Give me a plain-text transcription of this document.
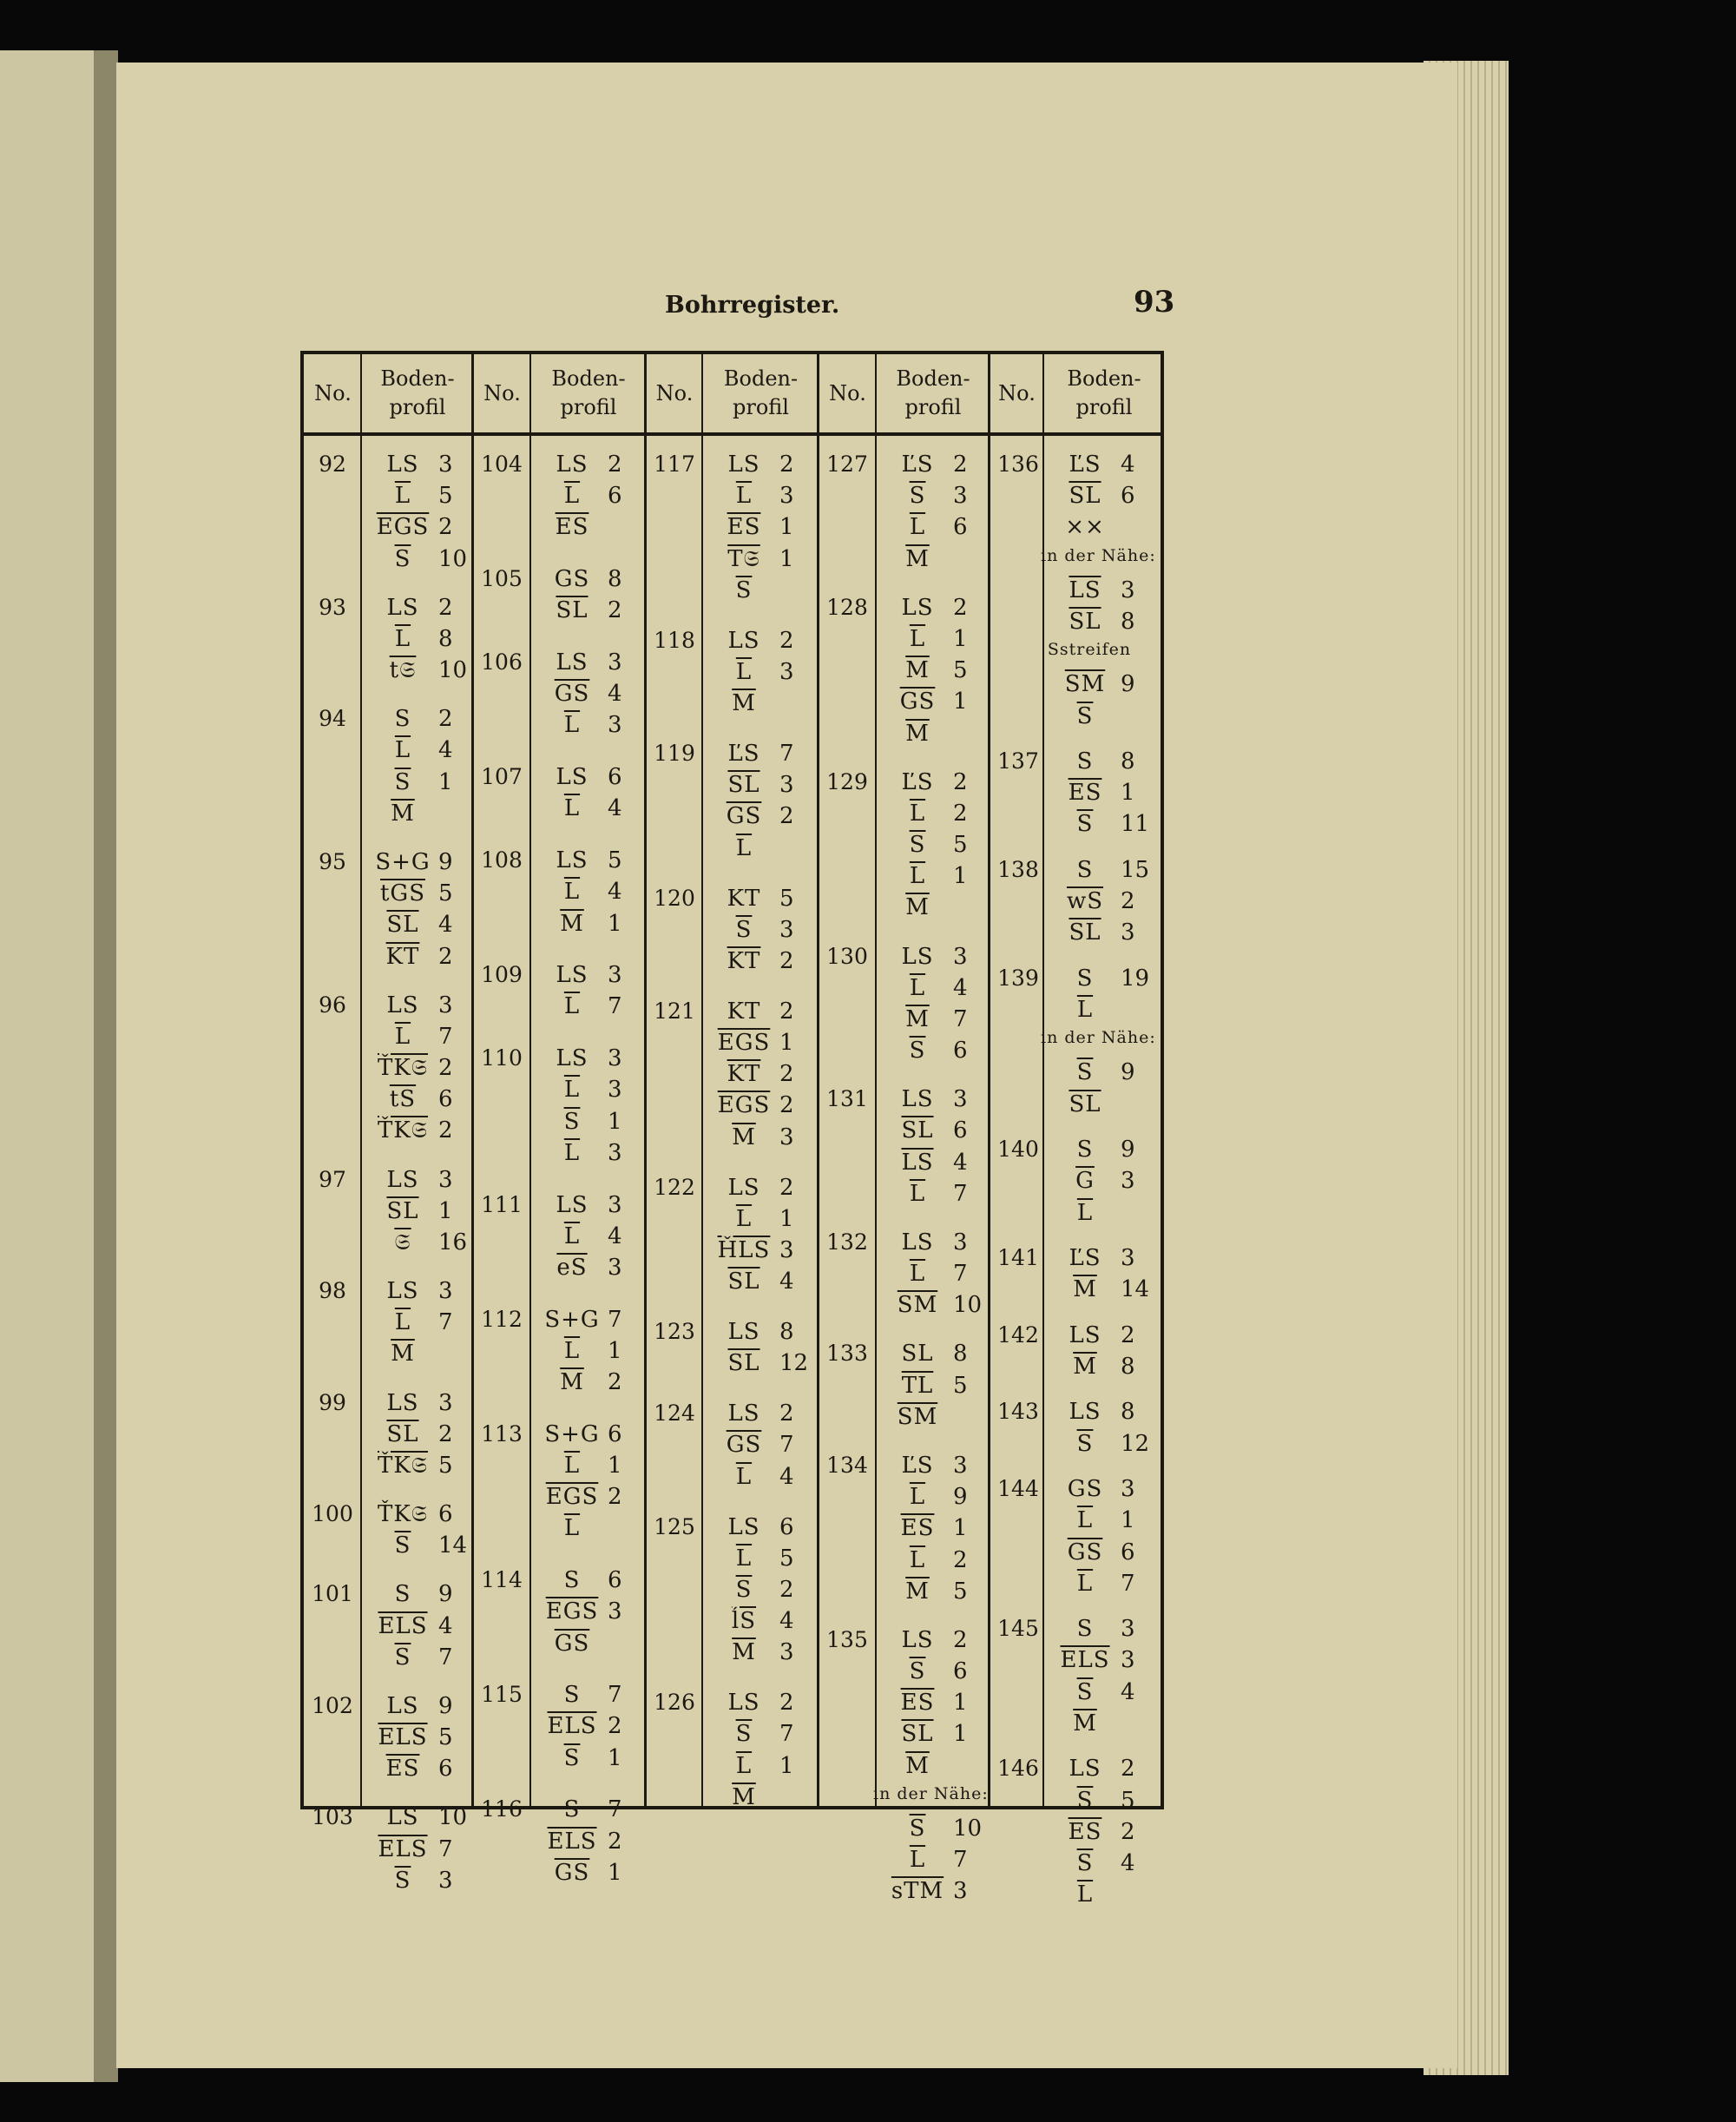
Bohrregister.	93
No.
Boden-
profil
No.
Boden-
profil
No.
Boden-
profil
No.
Boden-
profil
No.
Boden-
profil
92	LS 3
$\overline{L}$	5
$\overline{EGS}$ 2
$\overline{S}$	10
93	LS 2
$\overline{L}$	8
t𝔖 10
94	S	2
$\overline{L}$	4
$\overline{S}$	1
$\overline{M}$
95	S+G 9
$\overline{tGS}$ 5
$\overline{SL}$ 4
$\overline{KT}$ 2
96	LS 3
$\overline{L}$	7
ŤK𝔖 2
$\overline{tS}$ 6
ŤK𝔖 2
97	LS 3
$\overline{SL}$ 1
𝔖	16
98	LS 3
$\overline{L}$	7
$\overline{M}$
99	LS 3
$\overline{SL}$ 2
ŤK𝔖 5
100	ŤK𝔖 6
$\overline{S}$	14
101	S	9
$\overline{ELS}$ 4
$\overline{S}$	7
102	LS 9
$\overline{ELS}$ 5
$\overline{ES}$ 6
103	LS 10
$\overline{ELS}$ 7
$\overline{S}$	3
104	LS 2
$\overline{L}$	6
$\overline{ES}$
105	GS 8
$\overline{SL}$ 2
106	LS 3
$\overline{GS}$ 4
$\overline{L}$	3
107	LS 6
$\overline{L}$	4
108	LS 5
$\overline{L}$	4
$\overline{M}$	1
109	LS 3
$\overline{L}$	7
110	LS 3
$\overline{L}$	3
$\overline{S}$	1
$\overline{L}$	3
111	LS 3
$\overline{L}$	4
$\overline{eS}$ 3
112 S+G 7
$\overline{L}$	1
$\overline{M}$	2
113 S+G 6
$\overline{L}$	1
$\overline{EGS}$ 2
$\overline{L}$
114	S	6
$\overline{EGS}$ 3
$\overline{GS}$
115	S	7
$\overline{ELS}$ 2
$\overline{S}$	1
116	S	7
$\overline{ELS}$ 2
$\overline{GS}$ 1
117	LS 2
$\overline{L}$	3
$\overline{ES}$ 1
T𝔖 1
$\overline{S}$
118	LS 2
$\overline{L}$	3
$\overline{M}$
119	ĽS 7
$\overline{SL}$ 3
$\overline{GS}$ 2
$\overline{L}$
120	KT 5
$\overline{S}$	3
$\overline{KT}$ 2
121	KT 2
$\overline{EGS}$ 1
$\overline{KT}$ 2
$\overline{EGS}$ 2
$\overline{M}$	3
122	LS 2
$\overline{L}$	1
$\overline{ȞLS}$ 3
$\overline{SL}$ 4
123	LS 8
$\overline{SL}$ 12
124	LS 2
$\overline{GS}$ 7
$\overline{L}$	4
125	LS 6
$\overline{L}$	5
$\overline{S}$	2
$\overline{ĺS}$	4
$\overline{M}$	3
126	LS 2
$\overline{S}$	7
$\overline{L}$	1
$\overline{M}$
127	ĽS 2
$\overline{S}$	3
$\overline{L}$	6
$\overline{M}$
128	LS 2
$\overline{L}$	1
$\overline{M}$	5
$\overline{GS}$ 1
$\overline{M}$
129	ĽS 2
$\overline{L}$	2
$\overline{S}$	5
$\overline{L}$	1
$\overline{M}$
130	LS 3
$\overline{L}$	4
$\overline{M}$	7
$\overline{S}$	6
131	LS 3
$\overline{SL}$ 6
$\overline{LS}$ 4
$\overline{L}$	7
132	LS 3
$\overline{L}$	7
$\overline{SM}$ 10
133	SL 8
$\overline{TL}$ 5
$\overline{SM}$
134	ĽS 3
$\overline{L}$	9
$\overline{ES}$ 1
$\overline{L}$	2
$\overline{M}$	5
135	LS 2
$\overline{S}$	6
$\overline{ES}$ 1
$\overline{SL}$ 1
$\overline{M}$
in der Nähe:
$\overline{S}$	10
$\overline{L}$	7
$\overline{sTM}$ 3
136	ĽS 4
$\overline{SL}$ 6
××
in der Nähe:
$\overline{LS}$ 3
$\overline{SL}$ 8
Sstreifen
$\overline{SM}$ 9
$\overline{S}$
137	S	8
$\overline{ES}$ 1
$\overline{S}$	11
138	S	15
$\overline{wS}$ 2
$\overline{SL}$ 3
139	S	19
$\overline{L}$
in der Nähe:
$\overline{S}$	9
$\overline{SL}$
140	S	9
$\overline{G}$	3
$\overline{L}$
141	ĽS 3
$\overline{M}$	14
142	LS 2
$\overline{M}$	8
143	LS 8
$\overline{S}$	12
144	GS 3
$\overline{L}$	1
$\overline{GS}$ 6
$\overline{L}$	7
145	S	3
$\overline{ELS}$ 3
$\overline{S}$	4
$\overline{M}$
146	LS 2
$\overline{S}$	5
$\overline{ES}$ 2
$\overline{S}$	4
$\overline{L}$
